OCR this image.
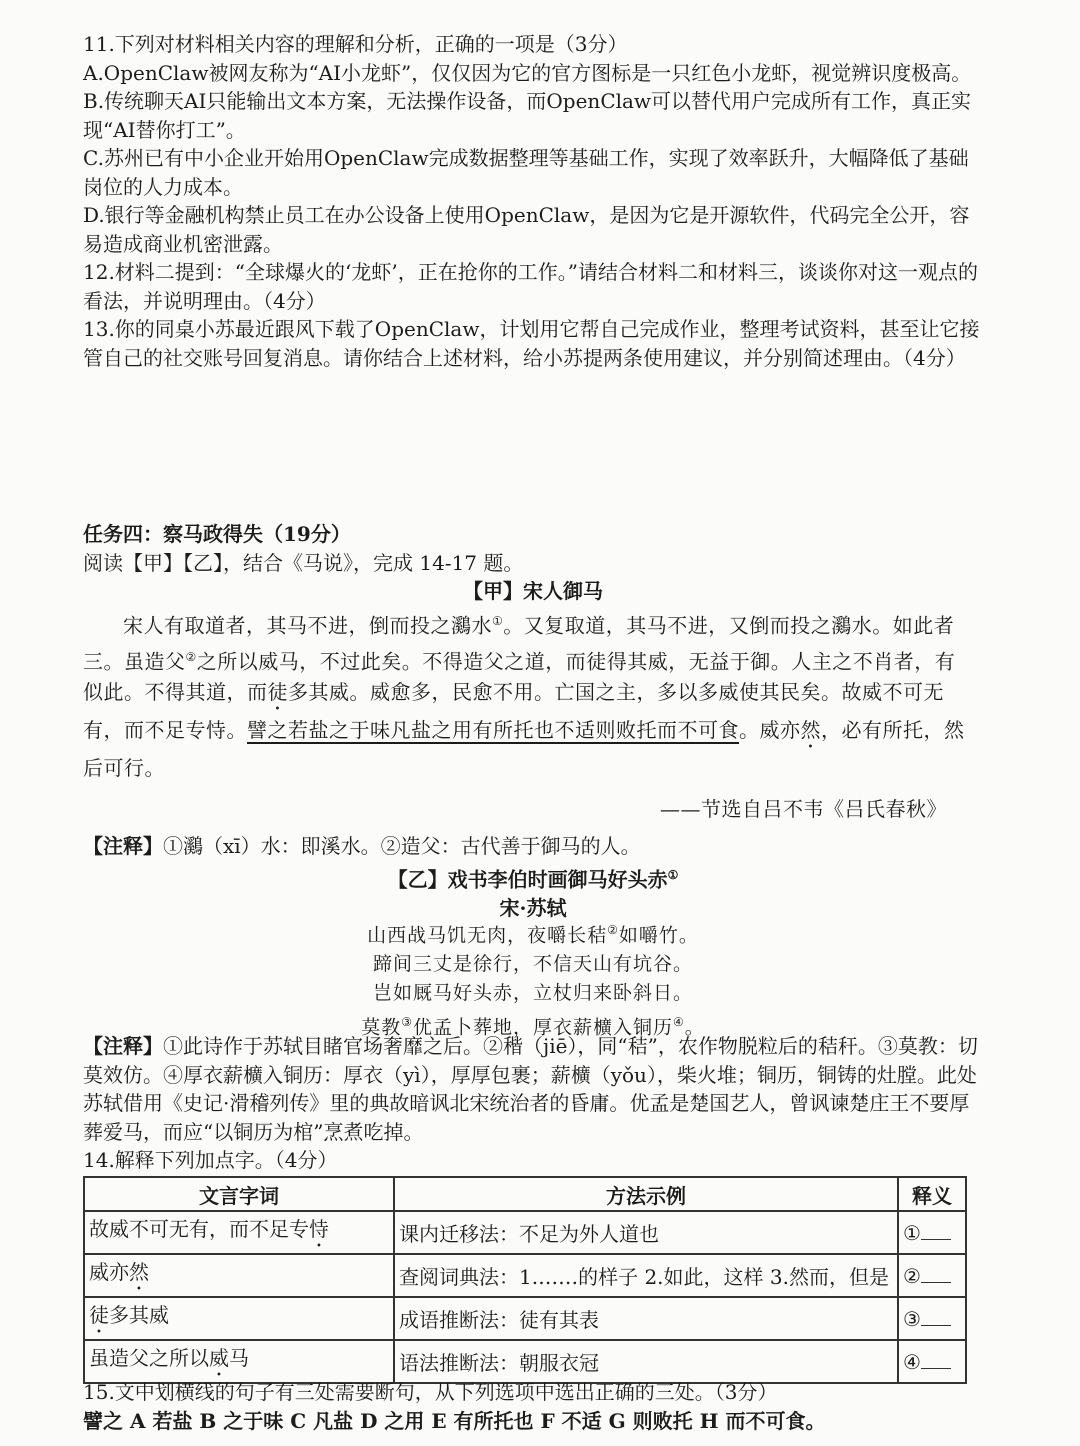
11.下列对材料相关内容的理解和分析，正确的一项是（3分）

A.OpenClaw被网友称为“AI小龙虾”，仅仅因为它的官方图标是一只红色小龙虾，视觉辨识度极高。

B.传统聊天AI只能输出文本方案，无法操作设备，而OpenClaw可以替代用户完成所有工作，真正实现“AI替你打工”。

C.苏州已有中小企业开始用OpenClaw完成数据整理等基础工作，实现了效率跃升，大幅降低了基础岗位的人力成本。

D.银行等金融机构禁止员工在办公设备上使用OpenClaw，是因为它是开源软件，代码完全公开，容易造成商业机密泄露。

12.材料二提到：“全球爆火的‘龙虾’，正在抢你的工作。”请结合材料二和材料三，谈谈你对这一观点的看法，并说明理由。（4分）

13.你的同桌小苏最近跟风下载了OpenClaw，计划用它帮自己完成作业，整理考试资料，甚至让它接管自己的社交账号回复消息。请你结合上述材料，给小苏提两条使用建议，并分别简述理由。（4分）

任务四：察马政得失（19分）

阅读【甲】【乙】，结合《马说》，完成 14-17 题。

【甲】宋人御马

宋人有取道者，其马不进，倒而投之鸂水①。又复取道，其马不进，又倒而投之鸂水。如此者三。虽造父②之所以威马，不过此矣。不得造父之道，而徒得其威，无益于御。人主之不肖者，有似此。不得其道，而徒多其威。威愈多，民愈不用。亡国之主，多以多威使其民矣。故威不可无有，而不足专恃。譬之若盐之于味凡盐之用有所托也不适则败托而不可食。威亦然，必有所托，然后可行。

——节选自吕不韦《吕氏春秋》

【注释】①鸂（xī）水：即溪水。②造父：古代善于御马的人。

【乙】戏书李伯时画御马好头赤①

宋·苏轼

山西战马饥无肉，夜嚼长秸②如嚼竹。
蹄间三丈是徐行，不信天山有坑谷。
岂如厩马好头赤，立杖归来卧斜日。
莫教③优孟卜葬地，厚衣薪櫎入铜历④。

【注释】①此诗作于苏轼目睹官场奢靡之后。②稭（jiē），同“秸”，农作物脱粒后的秸秆。③莫教：切莫效仿。④厚衣薪櫎入铜历：厚衣（yì），厚厚包裹；薪櫎（yǒu），柴火堆；铜历，铜铸的灶膛。此处苏轼借用《史记·滑稽列传》里的典故暗讽北宋统治者的昏庸。优孟是楚国艺人，曾讽谏楚庄王不要厚葬爱马，而应“以铜历为棺”烹煮吃掉。

14.解释下列加点字。（4分）

文言字词	方法示例	释义
故威不可无有，而不足专恃	课内迁移法：不足为外人道也	①
威亦然	查阅词典法：1.……的样子 2.如此，这样 3.然而，但是	②
徒多其威	成语推断法：徒有其表	③
虽造父之所以威马	语法推断法：朝服衣冠	④

15.文中划横线的句子有三处需要断句，从下列选项中选出正确的三处。（3分）

譬之 A 若盐 B 之于味 C 凡盐 D 之用 E 有所托也 F 不适 G 则败托 H 而不可食。
